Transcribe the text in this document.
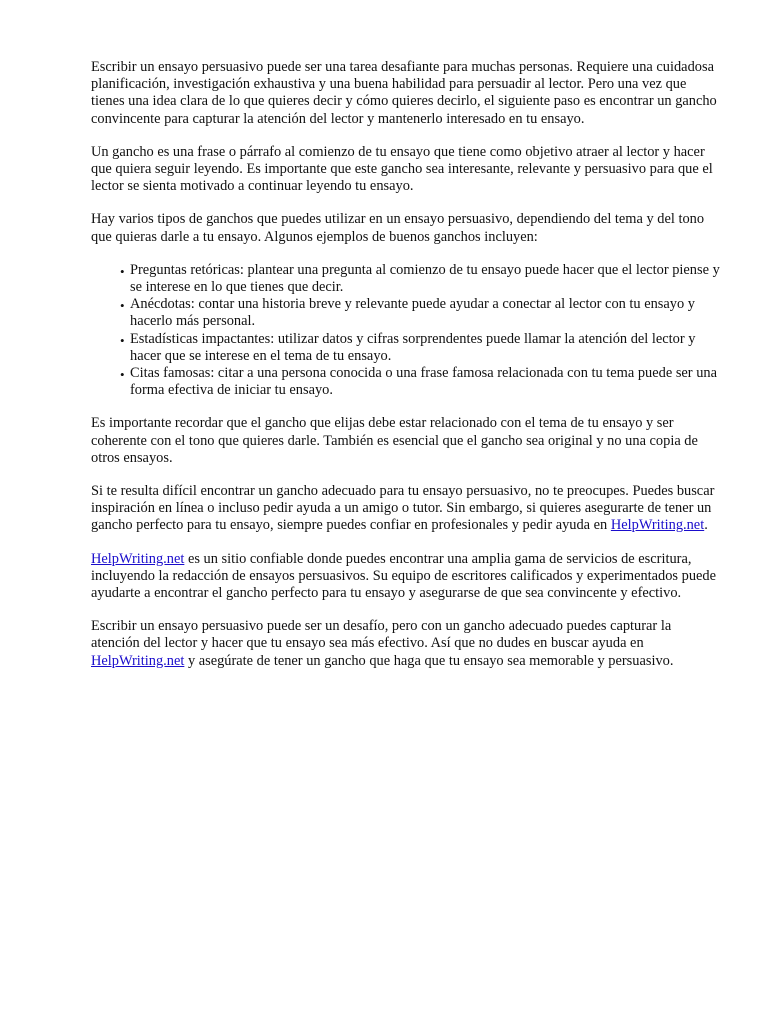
Escribir un ensayo persuasivo puede ser una tarea desafiante para muchas personas. Requiere una cuidadosa planificación, investigación exhaustiva y una buena habilidad para persuadir al lector. Pero una vez que tienes una idea clara de lo que quieres decir y cómo quieres decirlo, el siguiente paso es encontrar un gancho convincente para capturar la atención del lector y mantenerlo interesado en tu ensayo.

Un gancho es una frase o párrafo al comienzo de tu ensayo que tiene como objetivo atraer al lector y hacer que quiera seguir leyendo. Es importante que este gancho sea interesante, relevante y persuasivo para que el lector se sienta motivado a continuar leyendo tu ensayo.

Hay varios tipos de ganchos que puedes utilizar en un ensayo persuasivo, dependiendo del tema y del tono que quieras darle a tu ensayo. Algunos ejemplos de buenos ganchos incluyen:

• Preguntas retóricas: plantear una pregunta al comienzo de tu ensayo puede hacer que el lector piense y se interese en lo que tienes que decir.
• Anécdotas: contar una historia breve y relevante puede ayudar a conectar al lector con tu ensayo y hacerlo más personal.
• Estadísticas impactantes: utilizar datos y cifras sorprendentes puede llamar la atención del lector y hacer que se interese en el tema de tu ensayo.
• Citas famosas: citar a una persona conocida o una frase famosa relacionada con tu tema puede ser una forma efectiva de iniciar tu ensayo.

Es importante recordar que el gancho que elijas debe estar relacionado con el tema de tu ensayo y ser coherente con el tono que quieres darle. También es esencial que el gancho sea original y no una copia de otros ensayos.

Si te resulta difícil encontrar un gancho adecuado para tu ensayo persuasivo, no te preocupes. Puedes buscar inspiración en línea o incluso pedir ayuda a un amigo o tutor. Sin embargo, si quieres asegurarte de tener un gancho perfecto para tu ensayo, siempre puedes confiar en profesionales y pedir ayuda en HelpWriting.net.

HelpWriting.net es un sitio confiable donde puedes encontrar una amplia gama de servicios de escritura, incluyendo la redacción de ensayos persuasivos. Su equipo de escritores calificados y experimentados puede ayudarte a encontrar el gancho perfecto para tu ensayo y asegurarse de que sea convincente y efectivo.

Escribir un ensayo persuasivo puede ser un desafío, pero con un gancho adecuado puedes capturar la atención del lector y hacer que tu ensayo sea más efectivo. Así que no dudes en buscar ayuda en HelpWriting.net y asegúrate de tener un gancho que haga que tu ensayo sea memorable y persuasivo.
